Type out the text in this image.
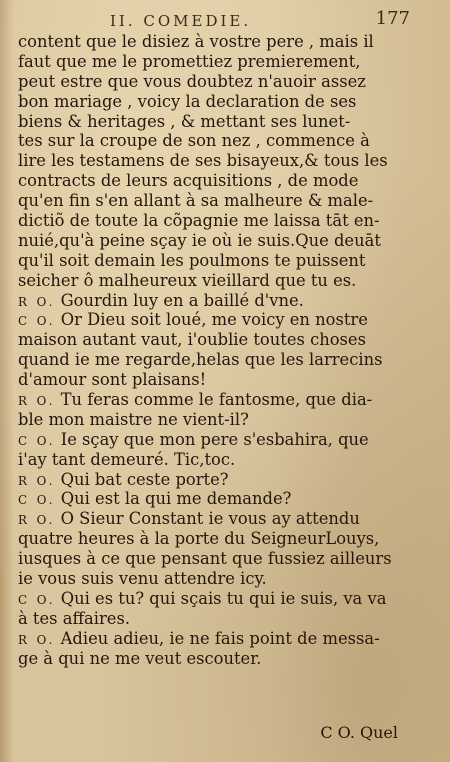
II. COMEDIE.	177
content que le disiez à vostre pere , mais il
faut que me le promettiez premierement,
peut estre que vous doubtez n'auoir assez
bon mariage , voicy la declaration de ses
biens & heritages , & mettant ses lunet-
tes sur la croupe de son nez , commence à
lire les testamens de ses bisayeux,& tous les
contracts de leurs acquisitions , de mode
qu'en fin s'en allant à sa malheure & male-
dictiõ de toute la cõpagnie me laissa tāt en-
nuié,qu'à peine sçay ie où ie suis.Que deuāt
qu'il soit demain les poulmons te puissent
seicher ô malheureux vieillard que tu es.
R O. Gourdin luy en a baillé d'vne.
C O. Or Dieu soit loué, me voicy en nostre
maison autant vaut, i'oublie toutes choses
quand ie me regarde,helas que les larrecins
d'amour sont plaisans!
R O. Tu feras comme le fantosme, que dia-
ble mon maistre ne vient-il?
C O. Ie sçay que mon pere s'esbahira, que
i'ay tant demeuré. Tic,toc.
R O. Qui bat ceste porte?
C O. Qui est la qui me demande?
R O. O Sieur Constant ie vous ay attendu
quatre heures à la porte du SeigneurLouys,
iusques à ce que pensant que fussiez ailleurs
ie vous suis venu attendre icy.
C O. Qui es tu? qui sçais tu qui ie suis, va va
à tes affaires.
R O. Adieu adieu, ie ne fais point de messa-
ge à qui ne me veut escouter.
C O. Quel
